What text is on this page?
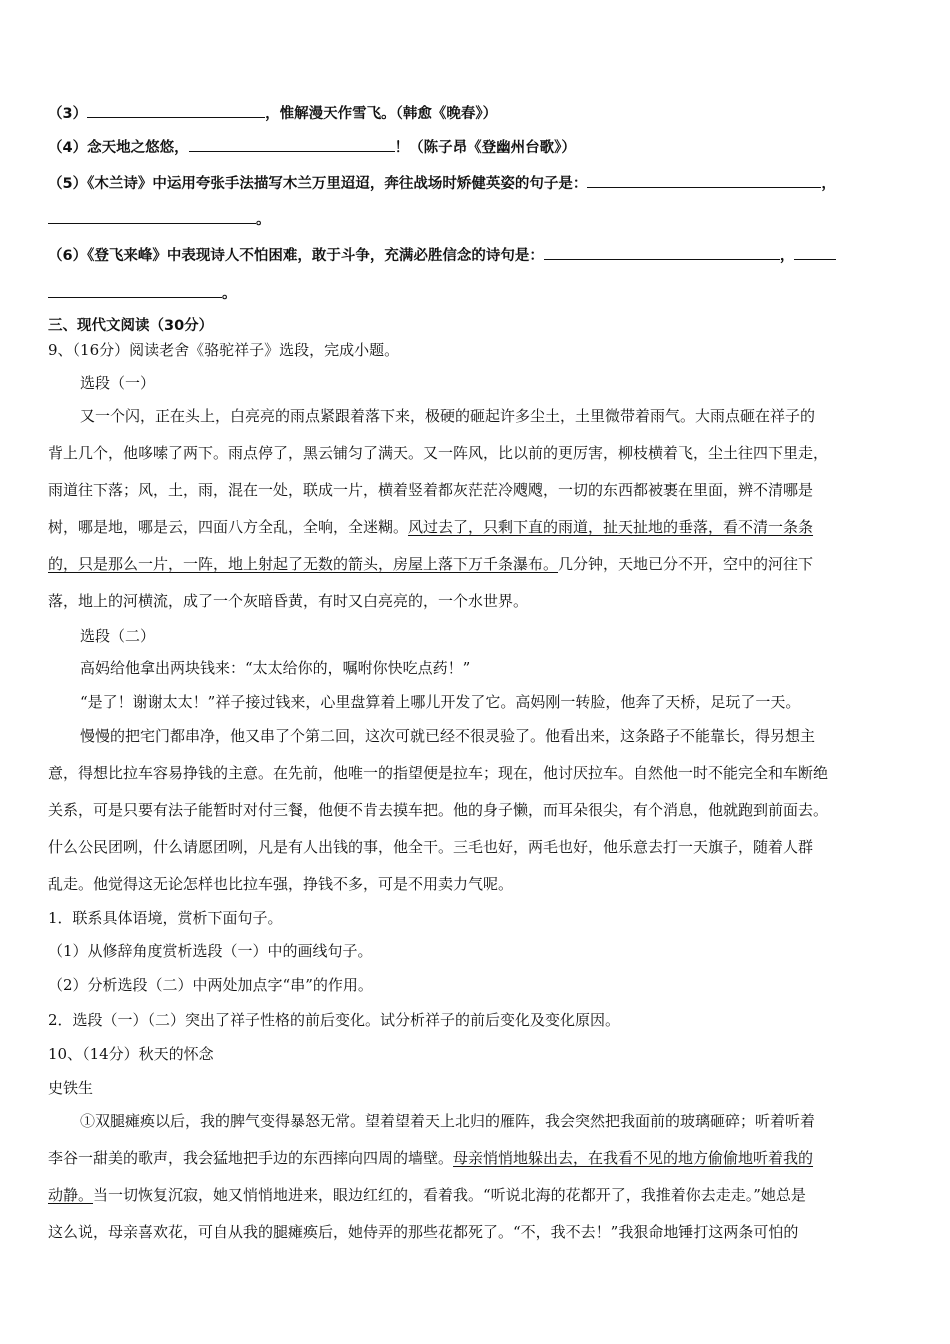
（3）	，惟解漫天作雪飞。（韩愈《晚春》）
（4）念天地之悠悠，	！（陈子昂《登幽州台歌》）
（5）《木兰诗》中运用夸张手法描写木兰万里迢迢，奔往战场时矫健英姿的句子是：	，
。
（6）《登飞来峰》中表现诗人不怕困难，敢于斗争，充满必胜信念的诗句是：	，
。
三、现代文阅读（30分）
9、（16分）阅读老舍《骆驼祥子》选段，完成小题。
选段（一）
又一个闪，正在头上，白亮亮的雨点紧跟着落下来，极硬的砸起许多尘土，土里微带着雨气。大雨点砸在祥子的
背上几个，他哆嗦了两下。雨点停了，黑云铺匀了满天。又一阵风，比以前的更厉害，柳枝横着飞，尘土往四下里走，
雨道往下落；风，土，雨，混在一处，联成一片，横着竖着都灰茫茫冷飕飕，一切的东西都被裹在里面，辨不清哪是
树，哪是地，哪是云，四面八方全乱，全响，全迷糊。风过去了，只剩下直的雨道，扯天扯地的垂落，看不清一条条
的，只是那么一片，一阵，地上射起了无数的箭头，房屋上落下万千条瀑布。几分钟，天地已分不开，空中的河往下
落，地上的河横流，成了一个灰暗昏黄，有时又白亮亮的，一个水世界。
选段（二）
高妈给他拿出两块钱来：“太太给你的，嘱咐你快吃点药！”
“是了！谢谢太太！”祥子接过钱来，心里盘算着上哪儿开发了它。高妈刚一转脸，他奔了天桥，足玩了一天。
慢慢的把宅门都串净，他又串了个第二回，这次可就已经不很灵验了。他看出来，这条路子不能靠长，得另想主
意，得想比拉车容易挣钱的主意。在先前，他唯一的指望便是拉车；现在，他讨厌拉车。自然他一时不能完全和车断绝
关系，可是只要有法子能暂时对付三餐，他便不肯去摸车把。他的身子懒，而耳朵很尖，有个消息，他就跑到前面去。
什么公民团咧，什么请愿团咧，凡是有人出钱的事，他全干。三毛也好，两毛也好，他乐意去打一天旗子，随着人群
乱走。他觉得这无论怎样也比拉车强，挣钱不多，可是不用卖力气呢。
1．联系具体语境，赏析下面句子。
（1）从修辞角度赏析选段（一）中的画线句子。
（2）分析选段（二）中两处加点字“串”的作用。
2．选段（一）（二）突出了祥子性格的前后变化。试分析祥子的前后变化及变化原因。
10、（14分）秋天的怀念
史铁生
①双腿瘫痪以后，我的脾气变得暴怒无常。望着望着天上北归的雁阵，我会突然把我面前的玻璃砸碎；听着听着
李谷一甜美的歌声，我会猛地把手边的东西摔向四周的墙壁。母亲悄悄地躲出去，在我看不见的地方偷偷地听着我的
动静。当一切恢复沉寂，她又悄悄地进来，眼边红红的，看着我。“听说北海的花都开了，我推着你去走走。”她总是
这么说，母亲喜欢花，可自从我的腿瘫痪后，她侍弄的那些花都死了。“不，我不去！”我狠命地锤打这两条可怕的
